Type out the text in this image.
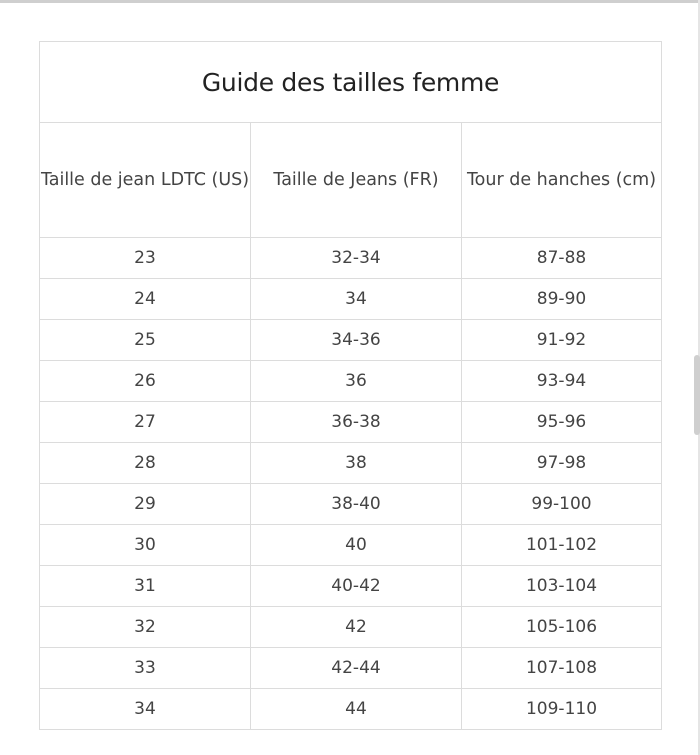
Guide des tailles femme		
Taille de jean LDTC (US)	Taille de Jeans (FR)	Tour de hanches (cm)
23	32-34	87-88
24	34	89-90
25	34-36	91-92
26	36	93-94
27	36-38	95-96
28	38	97-98
29	38-40	99-100
30	40	101-102
31	40-42	103-104
32	42	105-106
33	42-44	107-108
34	44	109-110
